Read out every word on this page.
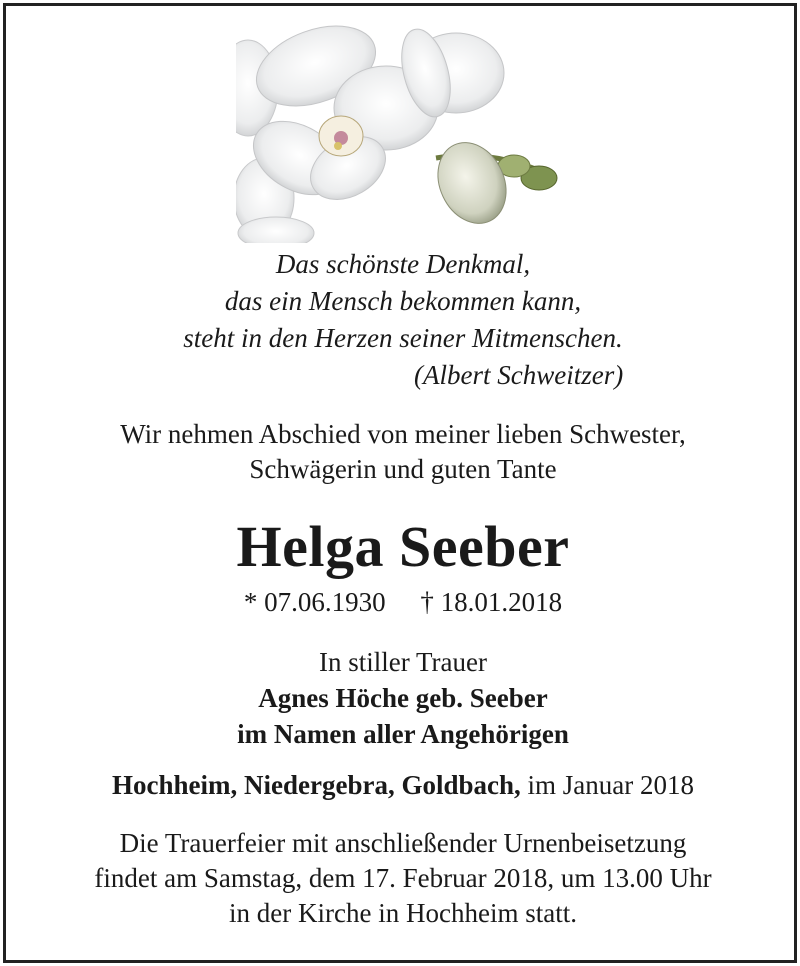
Das schönste Denkmal,
das ein Mensch bekommen kann,
steht in den Herzen seiner Mitmenschen.
(Albert Schweitzer)
Wir nehmen Abschied von meiner lieben Schwester,
Schwägerin und guten Tante
Helga Seeber
* 07.06.1930 † 18.01.2018
In stiller Trauer
Agnes Höche geb. Seeber
im Namen aller Angehörigen
Hochheim, Niedergebra, Goldbach, im Januar 2018
Die Trauerfeier mit anschließender Urnenbeisetzung
findet am Samstag, dem 17. Februar 2018, um 13.00 Uhr
in der Kirche in Hochheim statt.
